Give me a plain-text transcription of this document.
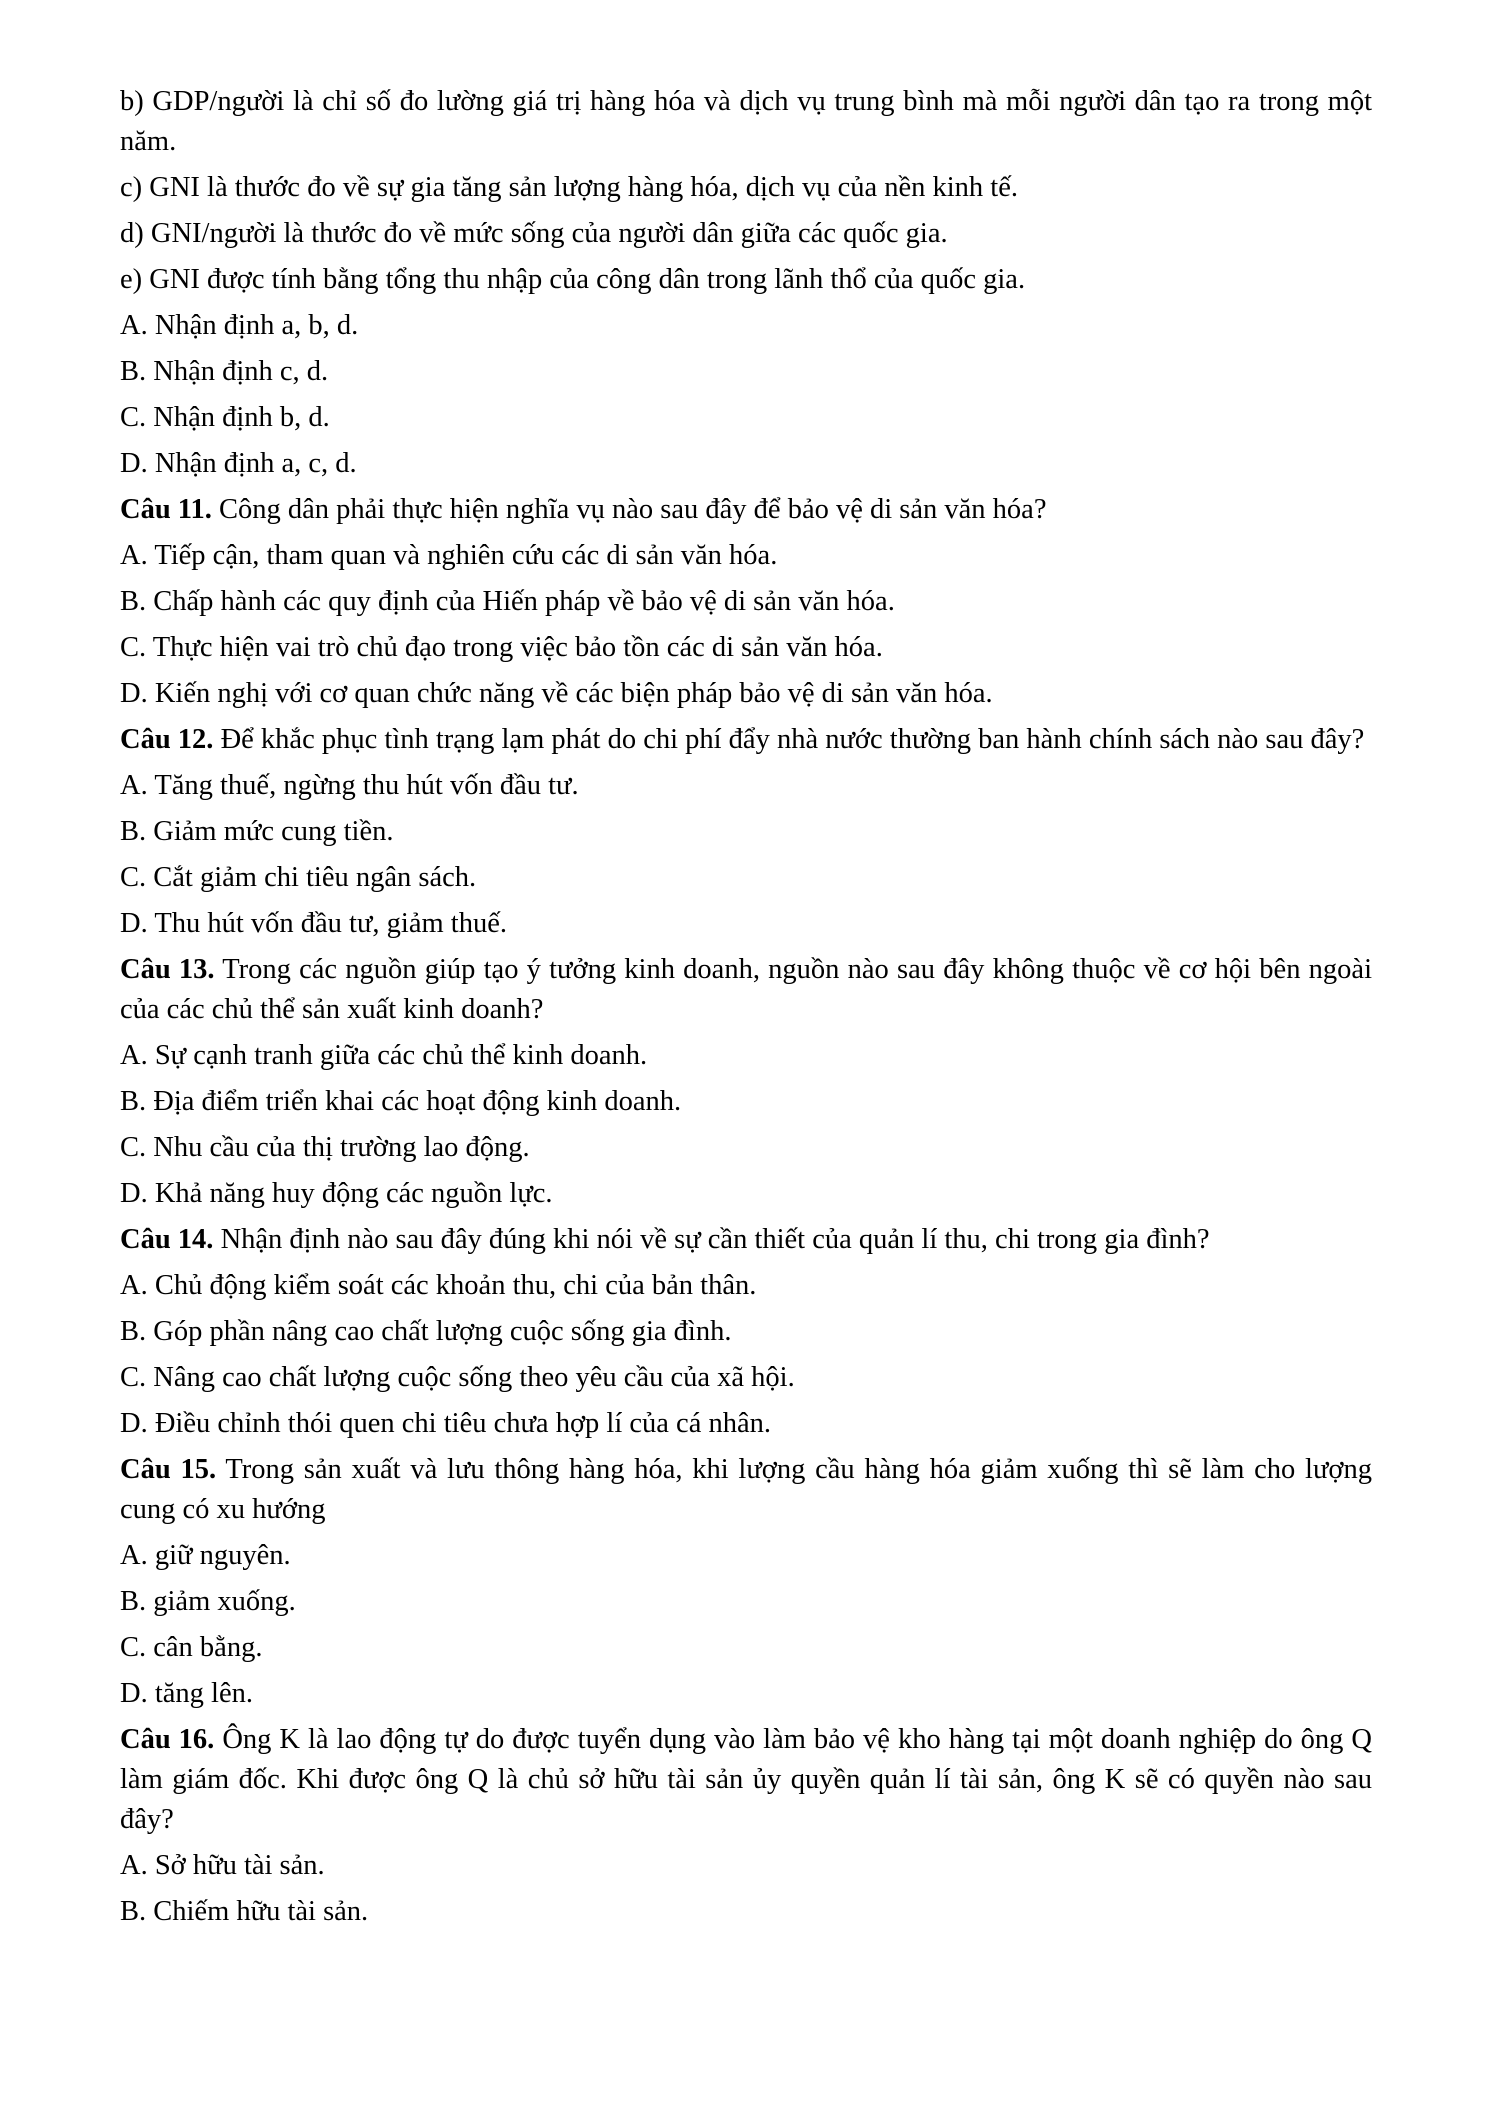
b) GDP/người là chỉ số đo lường giá trị hàng hóa và dịch vụ trung bình mà mỗi người dân tạo ra trong một năm.
c) GNI là thước đo về sự gia tăng sản lượng hàng hóa, dịch vụ của nền kinh tế.
d) GNI/người là thước đo về mức sống của người dân giữa các quốc gia.
e) GNI được tính bằng tổng thu nhập của công dân trong lãnh thổ của quốc gia.
A. Nhận định a, b, d.
B. Nhận định c, d.
C. Nhận định b, d.
D. Nhận định a, c, d.
Câu 11. Công dân phải thực hiện nghĩa vụ nào sau đây để bảo vệ di sản văn hóa?
A. Tiếp cận, tham quan và nghiên cứu các di sản văn hóa.
B. Chấp hành các quy định của Hiến pháp về bảo vệ di sản văn hóa.
C. Thực hiện vai trò chủ đạo trong việc bảo tồn các di sản văn hóa.
D. Kiến nghị với cơ quan chức năng về các biện pháp bảo vệ di sản văn hóa.
Câu 12. Để khắc phục tình trạng lạm phát do chi phí đẩy nhà nước thường ban hành chính sách nào sau đây?
A. Tăng thuế, ngừng thu hút vốn đầu tư.
B. Giảm mức cung tiền.
C. Cắt giảm chi tiêu ngân sách.
D. Thu hút vốn đầu tư, giảm thuế.
Câu 13. Trong các nguồn giúp tạo ý tưởng kinh doanh, nguồn nào sau đây không thuộc về cơ hội bên ngoài của các chủ thể sản xuất kinh doanh?
A. Sự cạnh tranh giữa các chủ thể kinh doanh.
B. Địa điểm triển khai các hoạt động kinh doanh.
C. Nhu cầu của thị trường lao động.
D. Khả năng huy động các nguồn lực.
Câu 14. Nhận định nào sau đây đúng khi nói về sự cần thiết của quản lí thu, chi trong gia đình?
A. Chủ động kiểm soát các khoản thu, chi của bản thân.
B. Góp phần nâng cao chất lượng cuộc sống gia đình.
C. Nâng cao chất lượng cuộc sống theo yêu cầu của xã hội.
D. Điều chỉnh thói quen chi tiêu chưa hợp lí của cá nhân.
Câu 15. Trong sản xuất và lưu thông hàng hóa, khi lượng cầu hàng hóa giảm xuống thì sẽ làm cho lượng cung có xu hướng
A. giữ nguyên.
B. giảm xuống.
C. cân bằng.
D. tăng lên.
Câu 16. Ông K là lao động tự do được tuyển dụng vào làm bảo vệ kho hàng tại một doanh nghiệp do ông Q làm giám đốc. Khi được ông Q là chủ sở hữu tài sản ủy quyền quản lí tài sản, ông K sẽ có quyền nào sau đây?
A. Sở hữu tài sản.
B. Chiếm hữu tài sản.
